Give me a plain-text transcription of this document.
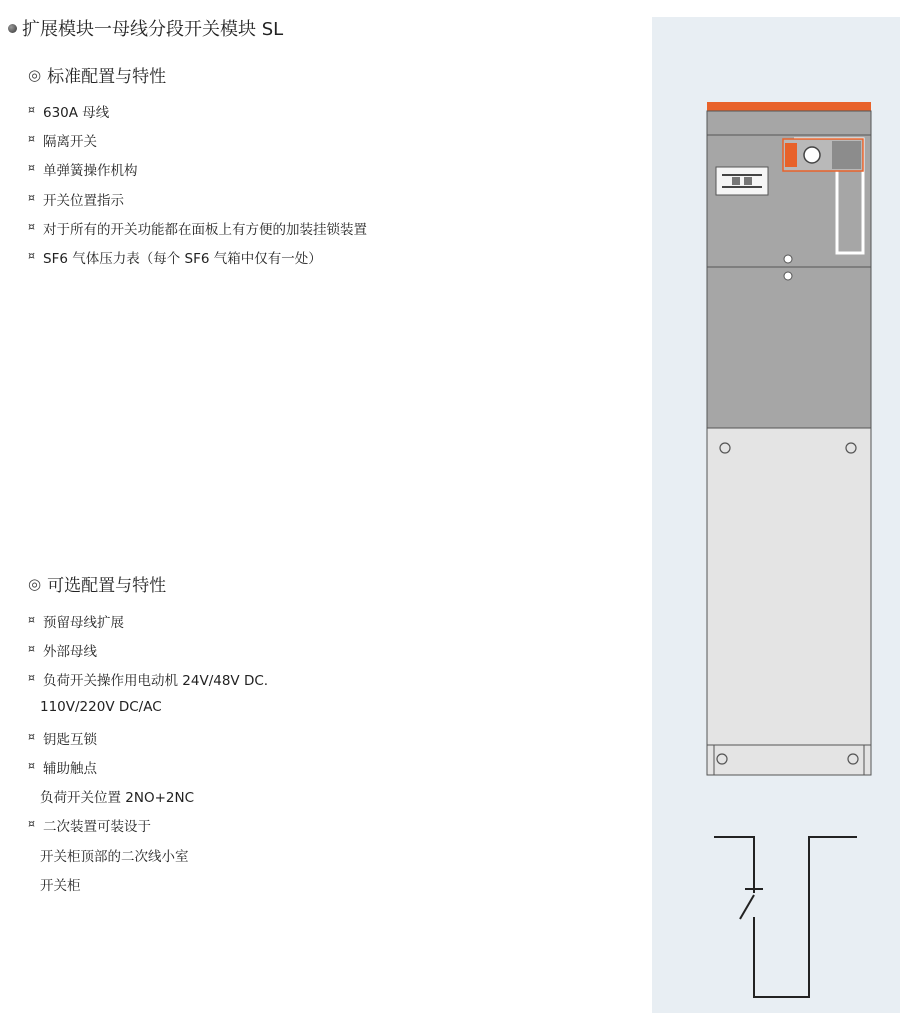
扩展模块一母线分段开关模块 SL
◎ 标准配置与特性
¤ 630A 母线
¤ 隔离开关
¤ 单弹簧操作机构
¤ 开关位置指示
¤ 对于所有的开关功能都在面板上有方便的加装挂锁装置
¤ SF6 气体压力表（每个 SF6 气箱中仅有一处）
◎ 可选配置与特性
¤ 预留母线扩展
¤ 外部母线
¤ 负荷开关操作用电动机 24V/48V DC.
110V/220V DC/AC
¤ 钥匙互锁
¤ 辅助触点
负荷开关位置 2NO+2NC
¤ 二次装置可装设于
开关柜顶部的二次线小室
开关柜
